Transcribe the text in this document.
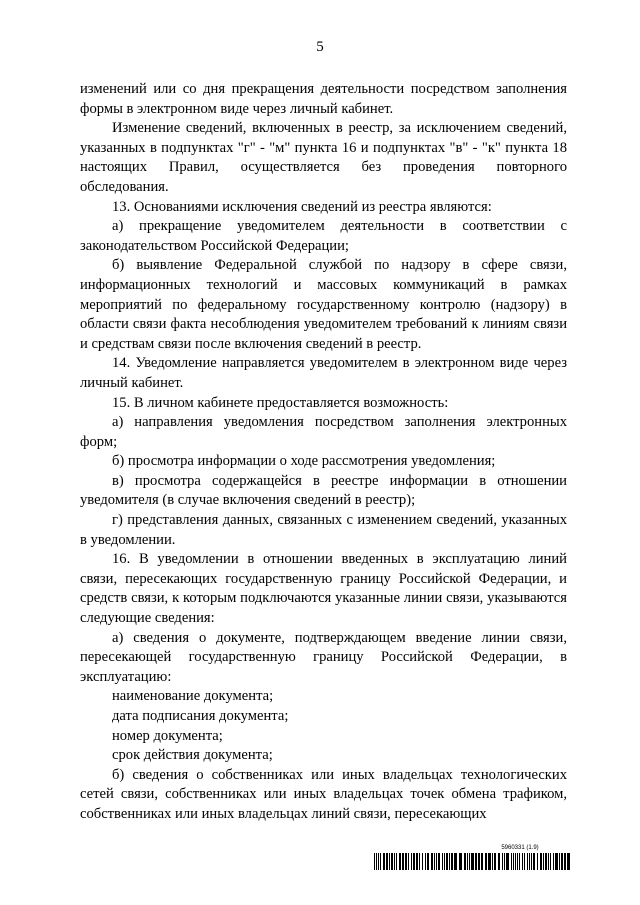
5

изменений или со дня прекращения деятельности посредством заполнения формы в электронном виде через личный кабинет.

Изменение сведений, включенных в реестр, за исключением сведений, указанных в подпунктах "г" - "м" пункта 16 и подпунктах "в" - "к" пункта 18 настоящих Правил, осуществляется без проведения повторного обследования.

13. Основаниями исключения сведений из реестра являются:

а) прекращение уведомителем деятельности в соответствии с законодательством Российской Федерации;

б) выявление Федеральной службой по надзору в сфере связи, информационных технологий и массовых коммуникаций в рамках мероприятий по федеральному государственному контролю (надзору) в области связи факта несоблюдения уведомителем требований к линиям связи и средствам связи после включения сведений в реестр.

14. Уведомление направляется уведомителем в электронном виде через личный кабинет.

15. В личном кабинете предоставляется возможность:

а) направления уведомления посредством заполнения электронных форм;

б) просмотра информации о ходе рассмотрения уведомления;

в) просмотра содержащейся в реестре информации в отношении уведомителя (в случае включения сведений в реестр);

г) представления данных, связанных с изменением сведений, указанных в уведомлении.

16. В уведомлении в отношении введенных в эксплуатацию линий связи, пересекающих государственную границу Российской Федерации, и средств связи, к которым подключаются указанные линии связи, указываются следующие сведения:

а) сведения о документе, подтверждающем введение линии связи, пересекающей государственную границу Российской Федерации, в эксплуатацию:

наименование документа;

дата подписания документа;

номер документа;

срок действия документа;

б) сведения о собственниках или иных владельцах технологических сетей связи, собственниках или иных владельцах точек обмена трафиком, собственниках или иных владельцах линий связи, пересекающих

5960331 (1.9)
